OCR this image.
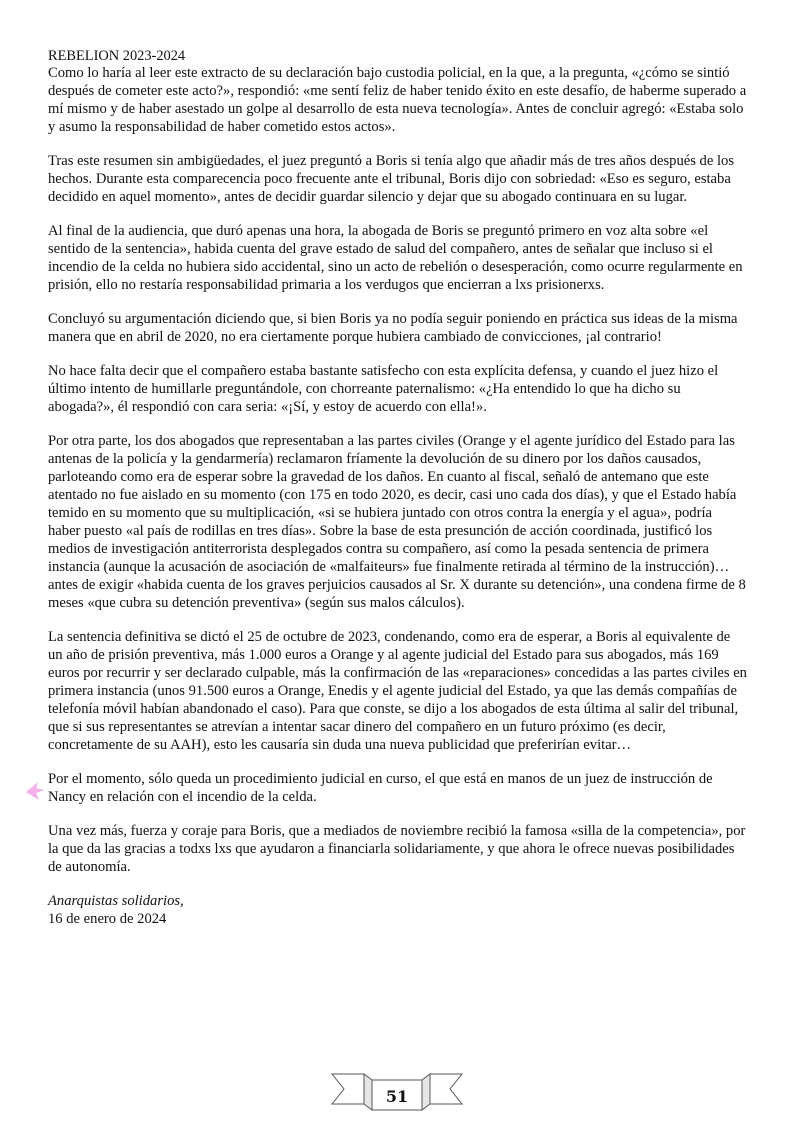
REBELION 2023-2024

Como lo haría al leer este extracto de su declaración bajo custodia policial, en la que, a la pregunta, «¿cómo se sintió después de cometer este acto?», respondió: «me sentí feliz de haber tenido éxito en este desafío, de haberme superado a mí mismo y de haber asestado un golpe al desarrollo de esta nueva tecnología». Antes de concluir agregó: «Estaba solo y asumo la responsabilidad de haber cometido estos actos».

Tras este resumen sin ambigüedades, el juez preguntó a Boris si tenía algo que añadir más de tres años después de los hechos. Durante esta comparecencia poco frecuente ante el tribunal, Boris dijo con sobriedad: «Eso es seguro, estaba decidido en aquel momento», antes de decidir guardar silencio y dejar que su abogado continuara en su lugar.

Al final de la audiencia, que duró apenas una hora, la abogada de Boris se preguntó primero en voz alta sobre «el sentido de la sentencia», habida cuenta del grave estado de salud del compañero, antes de señalar que incluso si el incendio de la celda no hubiera sido accidental, sino un acto de rebelión o desesperación, como ocurre regularmente en prisión, ello no restaría responsabilidad primaria a los verdugos que encierran a lxs prisionerxs.

Concluyó su argumentación diciendo que, si bien Boris ya no podía seguir poniendo en práctica sus ideas de la misma manera que en abril de 2020, no era ciertamente porque hubiera cambiado de convicciones, ¡al contrario!

No hace falta decir que el compañero estaba bastante satisfecho con esta explícita defensa, y cuando el juez hizo el último intento de humillarle preguntándole, con chorreante paternalismo: «¿Ha entendido lo que ha dicho su abogada?», él respondió con cara seria: «¡Sí, y estoy de acuerdo con ella!».

Por otra parte, los dos abogados que representaban a las partes civiles (Orange y el agente jurídico del Estado para las antenas de la policía y la gendarmería) reclamaron fríamente la devolución de su dinero por los daños causados, parloteando como era de esperar sobre la gravedad de los daños. En cuanto al fiscal, señaló de antemano que este atentado no fue aislado en su momento (con 175 en todo 2020, es decir, casi uno cada dos días), y que el Estado había temido en su momento que su multiplicación, «si se hubiera juntado con otros contra la energía y el agua», podría haber puesto «al país de rodillas en tres días». Sobre la base de esta presunción de acción coordinada, justificó los medios de investigación antiterrorista desplegados contra su compañero, así como la pesada sentencia de primera instancia (aunque la acusación de asociación de «malfaiteurs» fue finalmente retirada al término de la instrucción)… antes de exigir «habida cuenta de los graves perjuicios causados al Sr. X durante su detención», una condena firme de 8 meses «que cubra su detención preventiva» (según sus malos cálculos).

La sentencia definitiva se dictó el 25 de octubre de 2023, condenando, como era de esperar, a Boris al equivalente de un año de prisión preventiva, más 1.000 euros a Orange y al agente judicial del Estado para sus abogados, más 169 euros por recurrir y ser declarado culpable, más la confirmación de las «reparaciones» concedidas a las partes civiles en primera instancia (unos 91.500 euros a Orange, Enedis y el agente judicial del Estado, ya que las demás compañías de telefonía móvil habían abandonado el caso). Para que conste, se dijo a los abogados de esta última al salir del tribunal, que si sus representantes se atrevían a intentar sacar dinero del compañero en un futuro próximo (es decir, concretamente de su AAH), esto les causaría sin duda una nueva publicidad que preferirían evitar…

Por el momento, sólo queda un procedimiento judicial en curso, el que está en manos de un juez de instrucción de Nancy en relación con el incendio de la celda.

Una vez más, fuerza y coraje para Boris, que a mediados de noviembre recibió la famosa «silla de la competencia», por la que da las gracias a todxs lxs que ayudaron a financiarla solidariamente, y que ahora le ofrece nuevas posibilidades de autonomía.

Anarquistas solidarios,
16 de enero de 2024

51
